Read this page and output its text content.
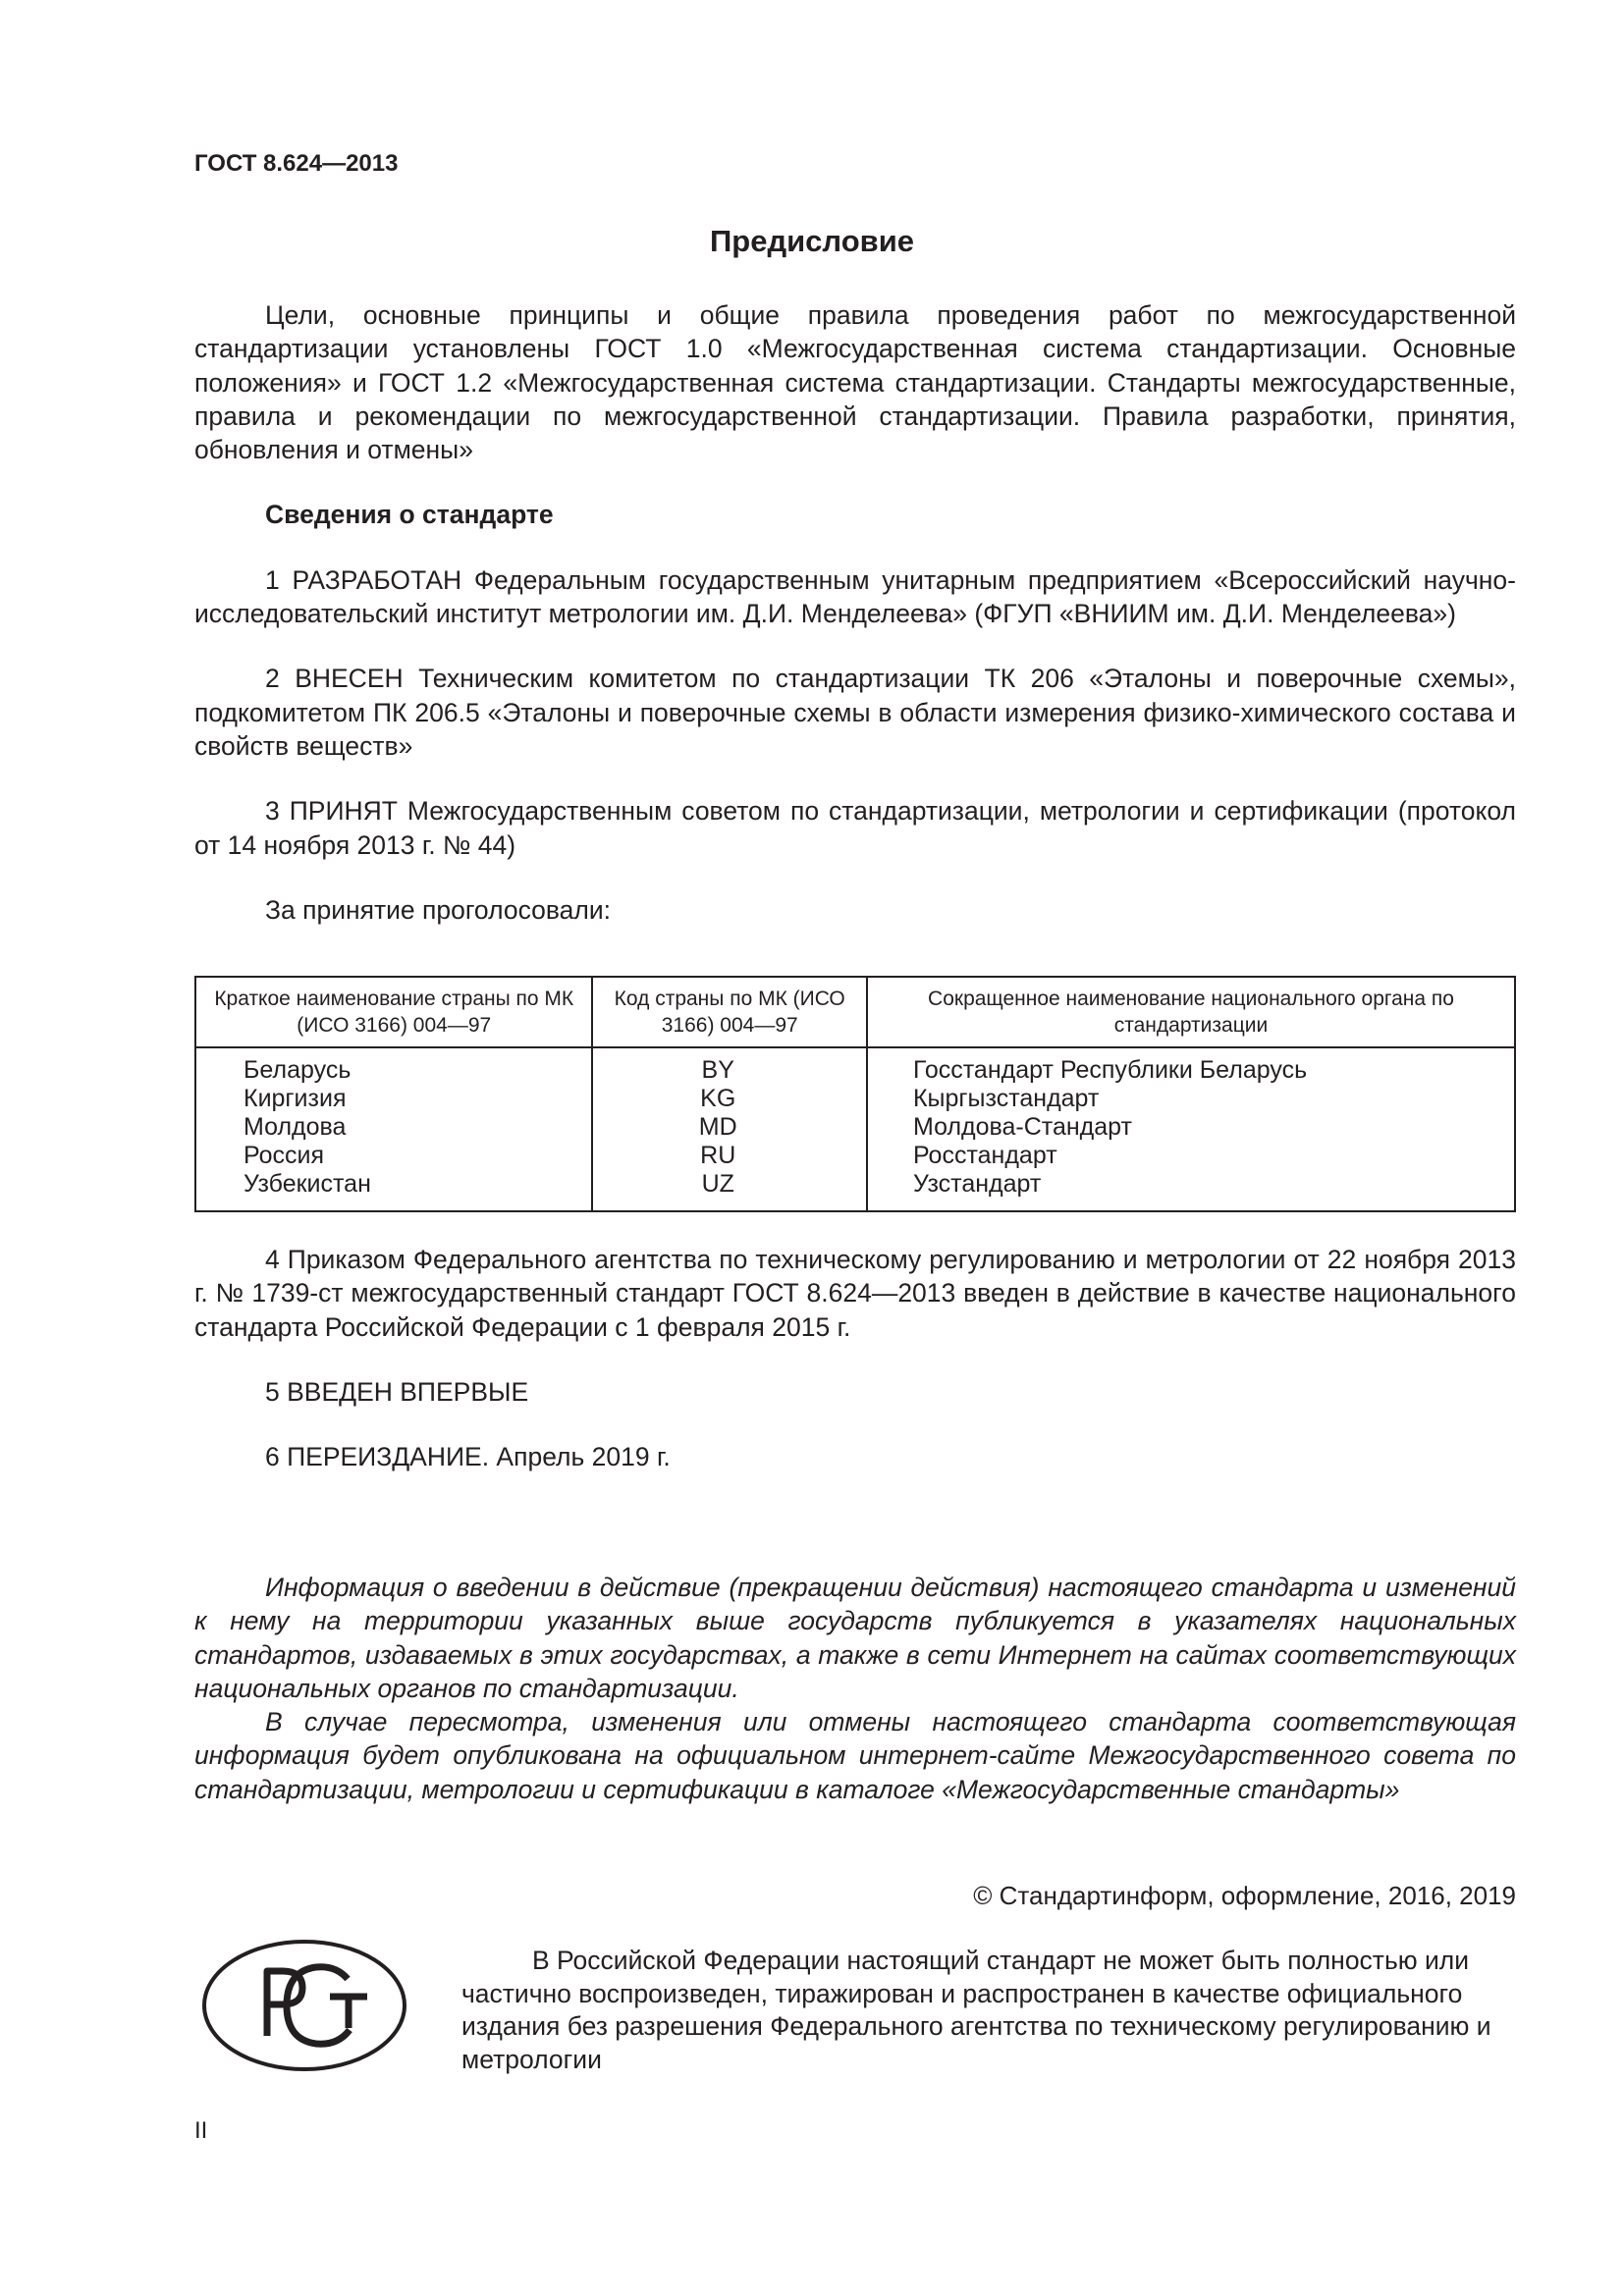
ГОСТ 8.624—2013
Предисловие

Цели, основные принципы и общие правила проведения работ по межгосударственной стандартизации установлены ГОСТ 1.0 «Межгосударственная система стандартизации. Основные положения» и ГОСТ 1.2 «Межгосударственная система стандартизации. Стандарты межгосударственные, правила и рекомендации по межгосударственной стандартизации. Правила разработки, принятия, обновления и отмены»

Сведения о стандарте

1 РАЗРАБОТАН Федеральным государственным унитарным предприятием «Всероссийский научно-исследовательский институт метрологии им. Д.И. Менделеева» (ФГУП «ВНИИМ им. Д.И. Менделеева»)

2 ВНЕСЕН Техническим комитетом по стандартизации ТК 206 «Эталоны и поверочные схемы», подкомитетом ПК 206.5 «Эталоны и поверочные схемы в области измерения физико-химического состава и свойств веществ»

3 ПРИНЯТ Межгосударственным советом по стандартизации, метрологии и сертификации (протокол от 14 ноября 2013 г. № 44)

За принятие проголосовали:

Краткое наименование страны по МК (ИСО 3166) 004—97	Код страны по МК (ИСО 3166) 004—97	Сокращенное наименование национального органа по стандартизации
Беларусь	BY	Госстандарт Республики Беларусь
Киргизия	KG	Кыргызстандарт
Молдова	MD	Молдова-Стандарт
Россия	RU	Росстандарт
Узбекистан	UZ	Узстандарт

4 Приказом Федерального агентства по техническому регулированию и метрологии от 22 ноября 2013 г. № 1739-ст межгосударственный стандарт ГОСТ 8.624—2013 введен в действие в качестве национального стандарта Российской Федерации с 1 февраля 2015 г.

5 ВВЕДЕН ВПЕРВЫЕ

6 ПЕРЕИЗДАНИЕ. Апрель 2019 г.

Информация о введении в действие (прекращении действия) настоящего стандарта и изменений к нему на территории указанных выше государств публикуется в указателях национальных стандартов, издаваемых в этих государствах, а также в сети Интернет на сайтах соответствующих национальных органов по стандартизации.

В случае пересмотра, изменения или отмены настоящего стандарта соответствующая информация будет опубликована на официальном интернет-сайте Межгосударственного совета по стандартизации, метрологии и сертификации в каталоге «Межгосударственные стандарты»

© Стандартинформ, оформление, 2016, 2019

В Российской Федерации настоящий стандарт не может быть полностью или частично воспроизведен, тиражирован и распространен в качестве официального издания без разрешения Федерального агентства по техническому регулированию и метрологии

II
